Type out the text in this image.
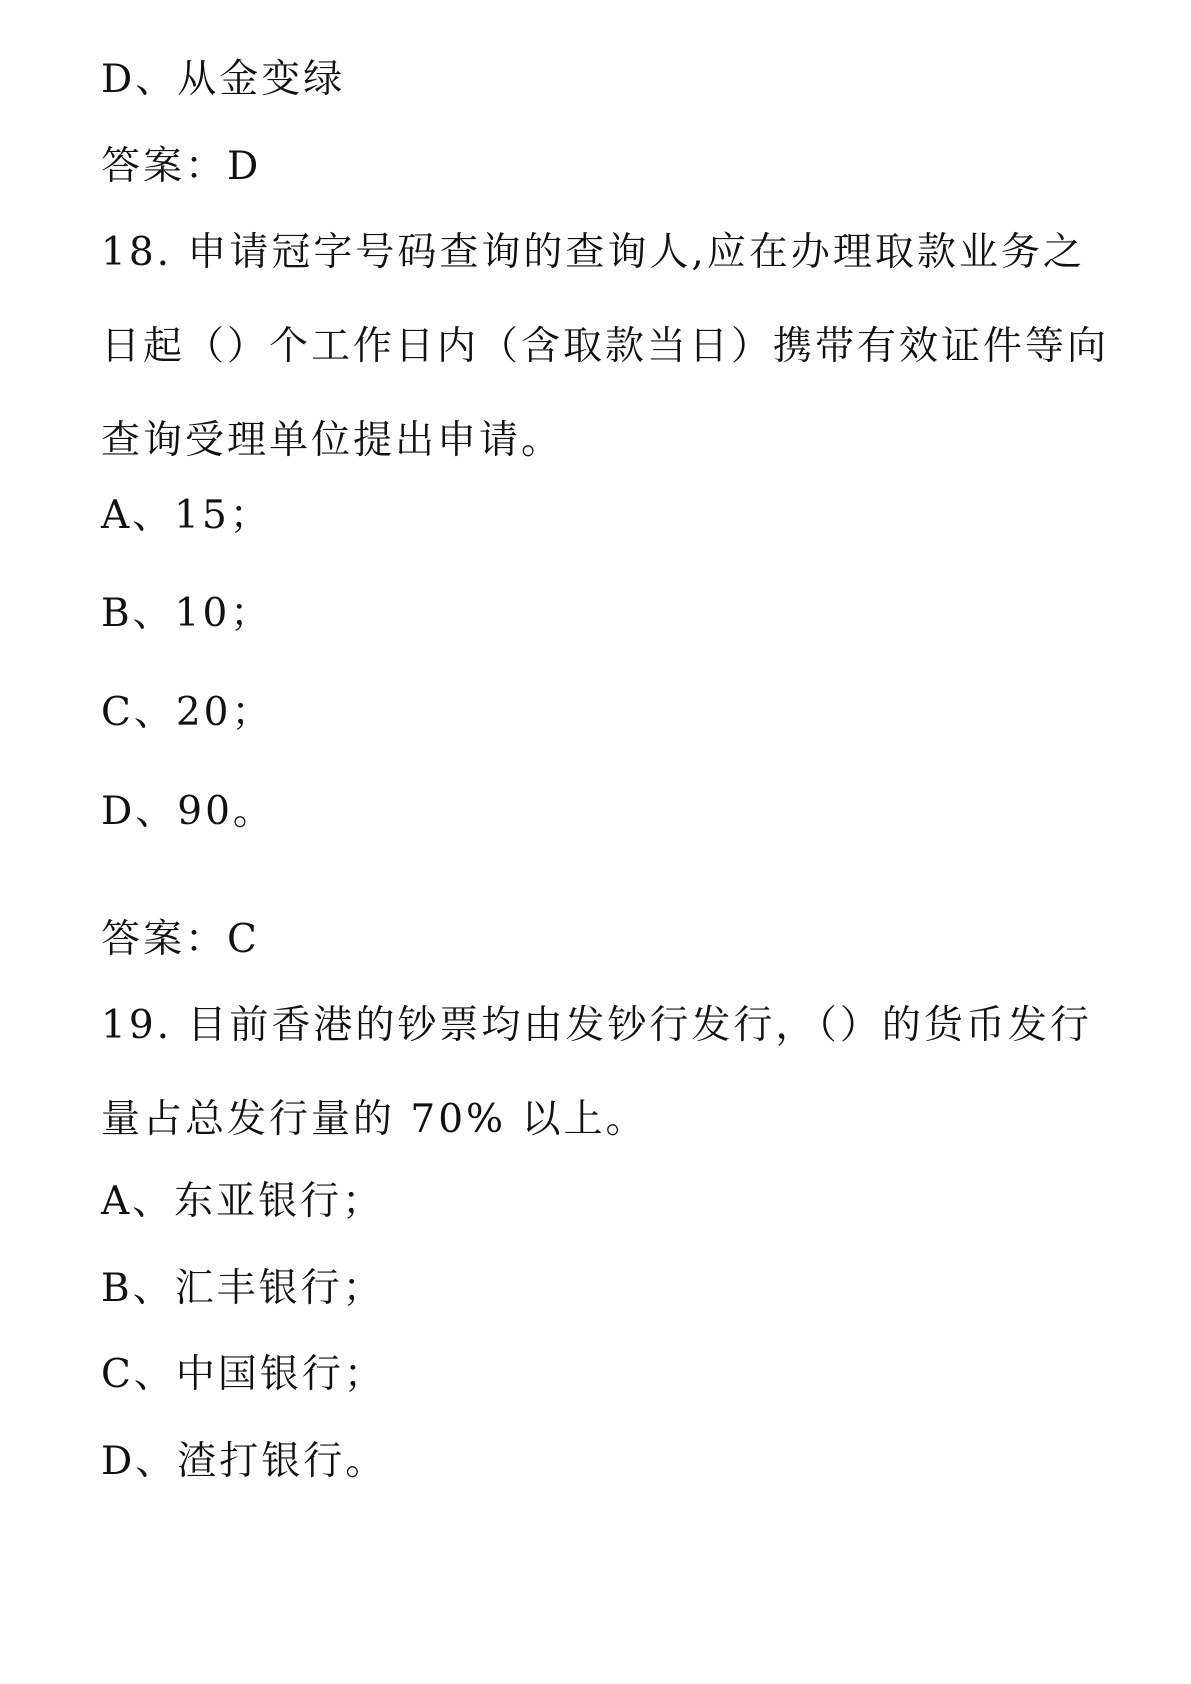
D、从金变绿
答案：D
18. 申请冠字号码查询的查询人,应在办理取款业务之日起（）个工作日内（含取款当日）携带有效证件等向查询受理单位提出申请。
A、15；
B、10；
C、20；
D、90。
答案：C
19. 目前香港的钞票均由发钞行发行，（）的货币发行量占总发行量的 70% 以上。
A、东亚银行；
B、汇丰银行；
C、中国银行；
D、渣打银行。
